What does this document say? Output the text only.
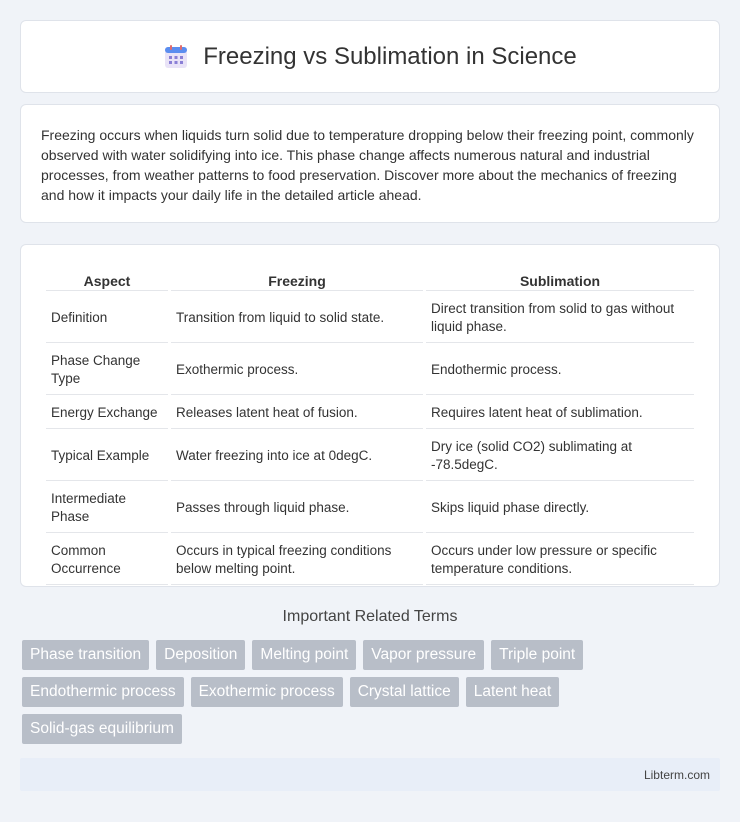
Freezing vs Sublimation in Science

Freezing occurs when liquids turn solid due to temperature dropping below their freezing point, commonly observed with water solidifying into ice. This phase change affects numerous natural and industrial processes, from weather patterns to food preservation. Discover more about the mechanics of freezing and how it impacts your daily life in the detailed article ahead.

Aspect	Freezing	Sublimation
Definition	Transition from liquid to solid state.	Direct transition from solid to gas without liquid phase.
Phase Change Type	Exothermic process.	Endothermic process.
Energy Exchange	Releases latent heat of fusion.	Requires latent heat of sublimation.
Typical Example	Water freezing into ice at 0degC.	Dry ice (solid CO2) sublimating at -78.5degC.
Intermediate Phase	Passes through liquid phase.	Skips liquid phase directly.
Common Occurrence	Occurs in typical freezing conditions below melting point.	Occurs under low pressure or specific temperature conditions.
Important Related Terms
Phase transition	Deposition	Melting point	Vapor pressure	Triple point
Endothermic process	Exothermic process	Crystal lattice	Latent heat
Solid-gas equilibrium
Libterm.com
